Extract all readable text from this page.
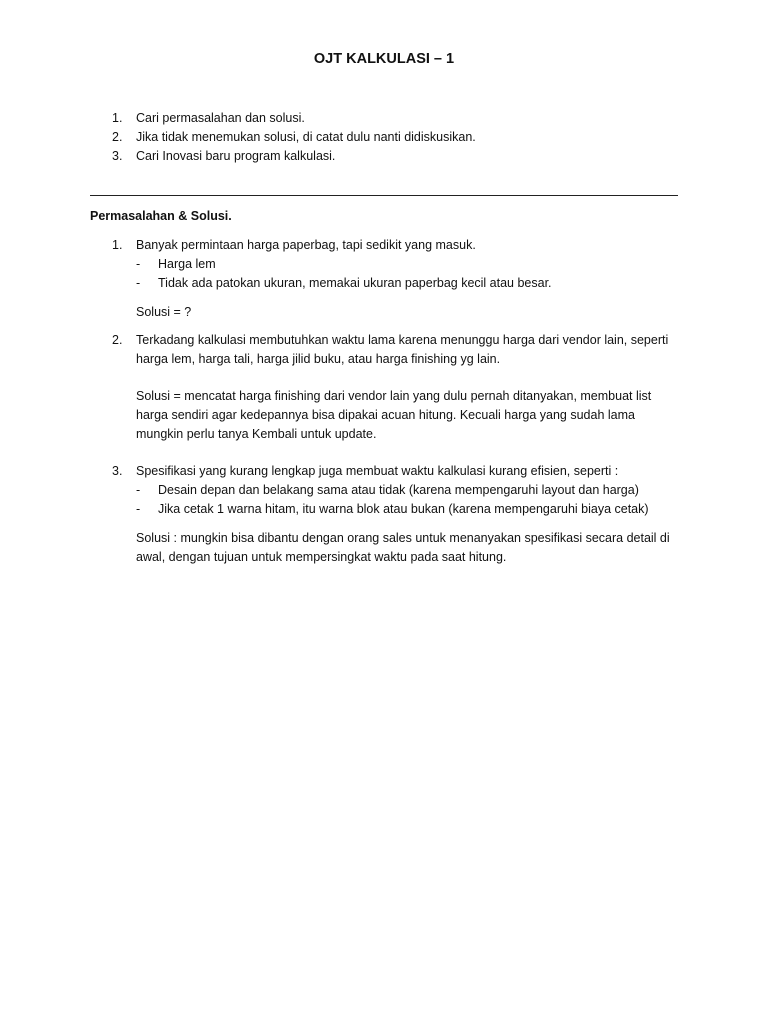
OJT KALKULASI – 1
1. Cari permasalahan dan solusi.
2. Jika tidak menemukan solusi, di catat dulu nanti didiskusikan.
3. Cari Inovasi baru program kalkulasi.
Permasalahan & Solusi.
1. Banyak permintaan harga paperbag, tapi sedikit yang masuk.
- Harga lem
- Tidak ada patokan ukuran, memakai ukuran paperbag kecil atau besar.
Solusi = ?
2. Terkadang kalkulasi membutuhkan waktu lama karena menunggu harga dari vendor lain, seperti
harga lem, harga tali, harga jilid buku, atau harga finishing yg lain.
Solusi = mencatat harga finishing dari vendor lain yang dulu pernah ditanyakan, membuat list
harga sendiri agar kedepannya bisa dipakai acuan hitung. Kecuali harga yang sudah lama
mungkin perlu tanya Kembali untuk update.
3. Spesifikasi yang kurang lengkap juga membuat waktu kalkulasi kurang efisien, seperti :
- Desain depan dan belakang sama atau tidak (karena mempengaruhi layout dan harga)
- Jika cetak 1 warna hitam, itu warna blok atau bukan (karena mempengaruhi biaya cetak)
Solusi : mungkin bisa dibantu dengan orang sales untuk menanyakan spesifikasi secara detail di
awal, dengan tujuan untuk mempersingkat waktu pada saat hitung.
